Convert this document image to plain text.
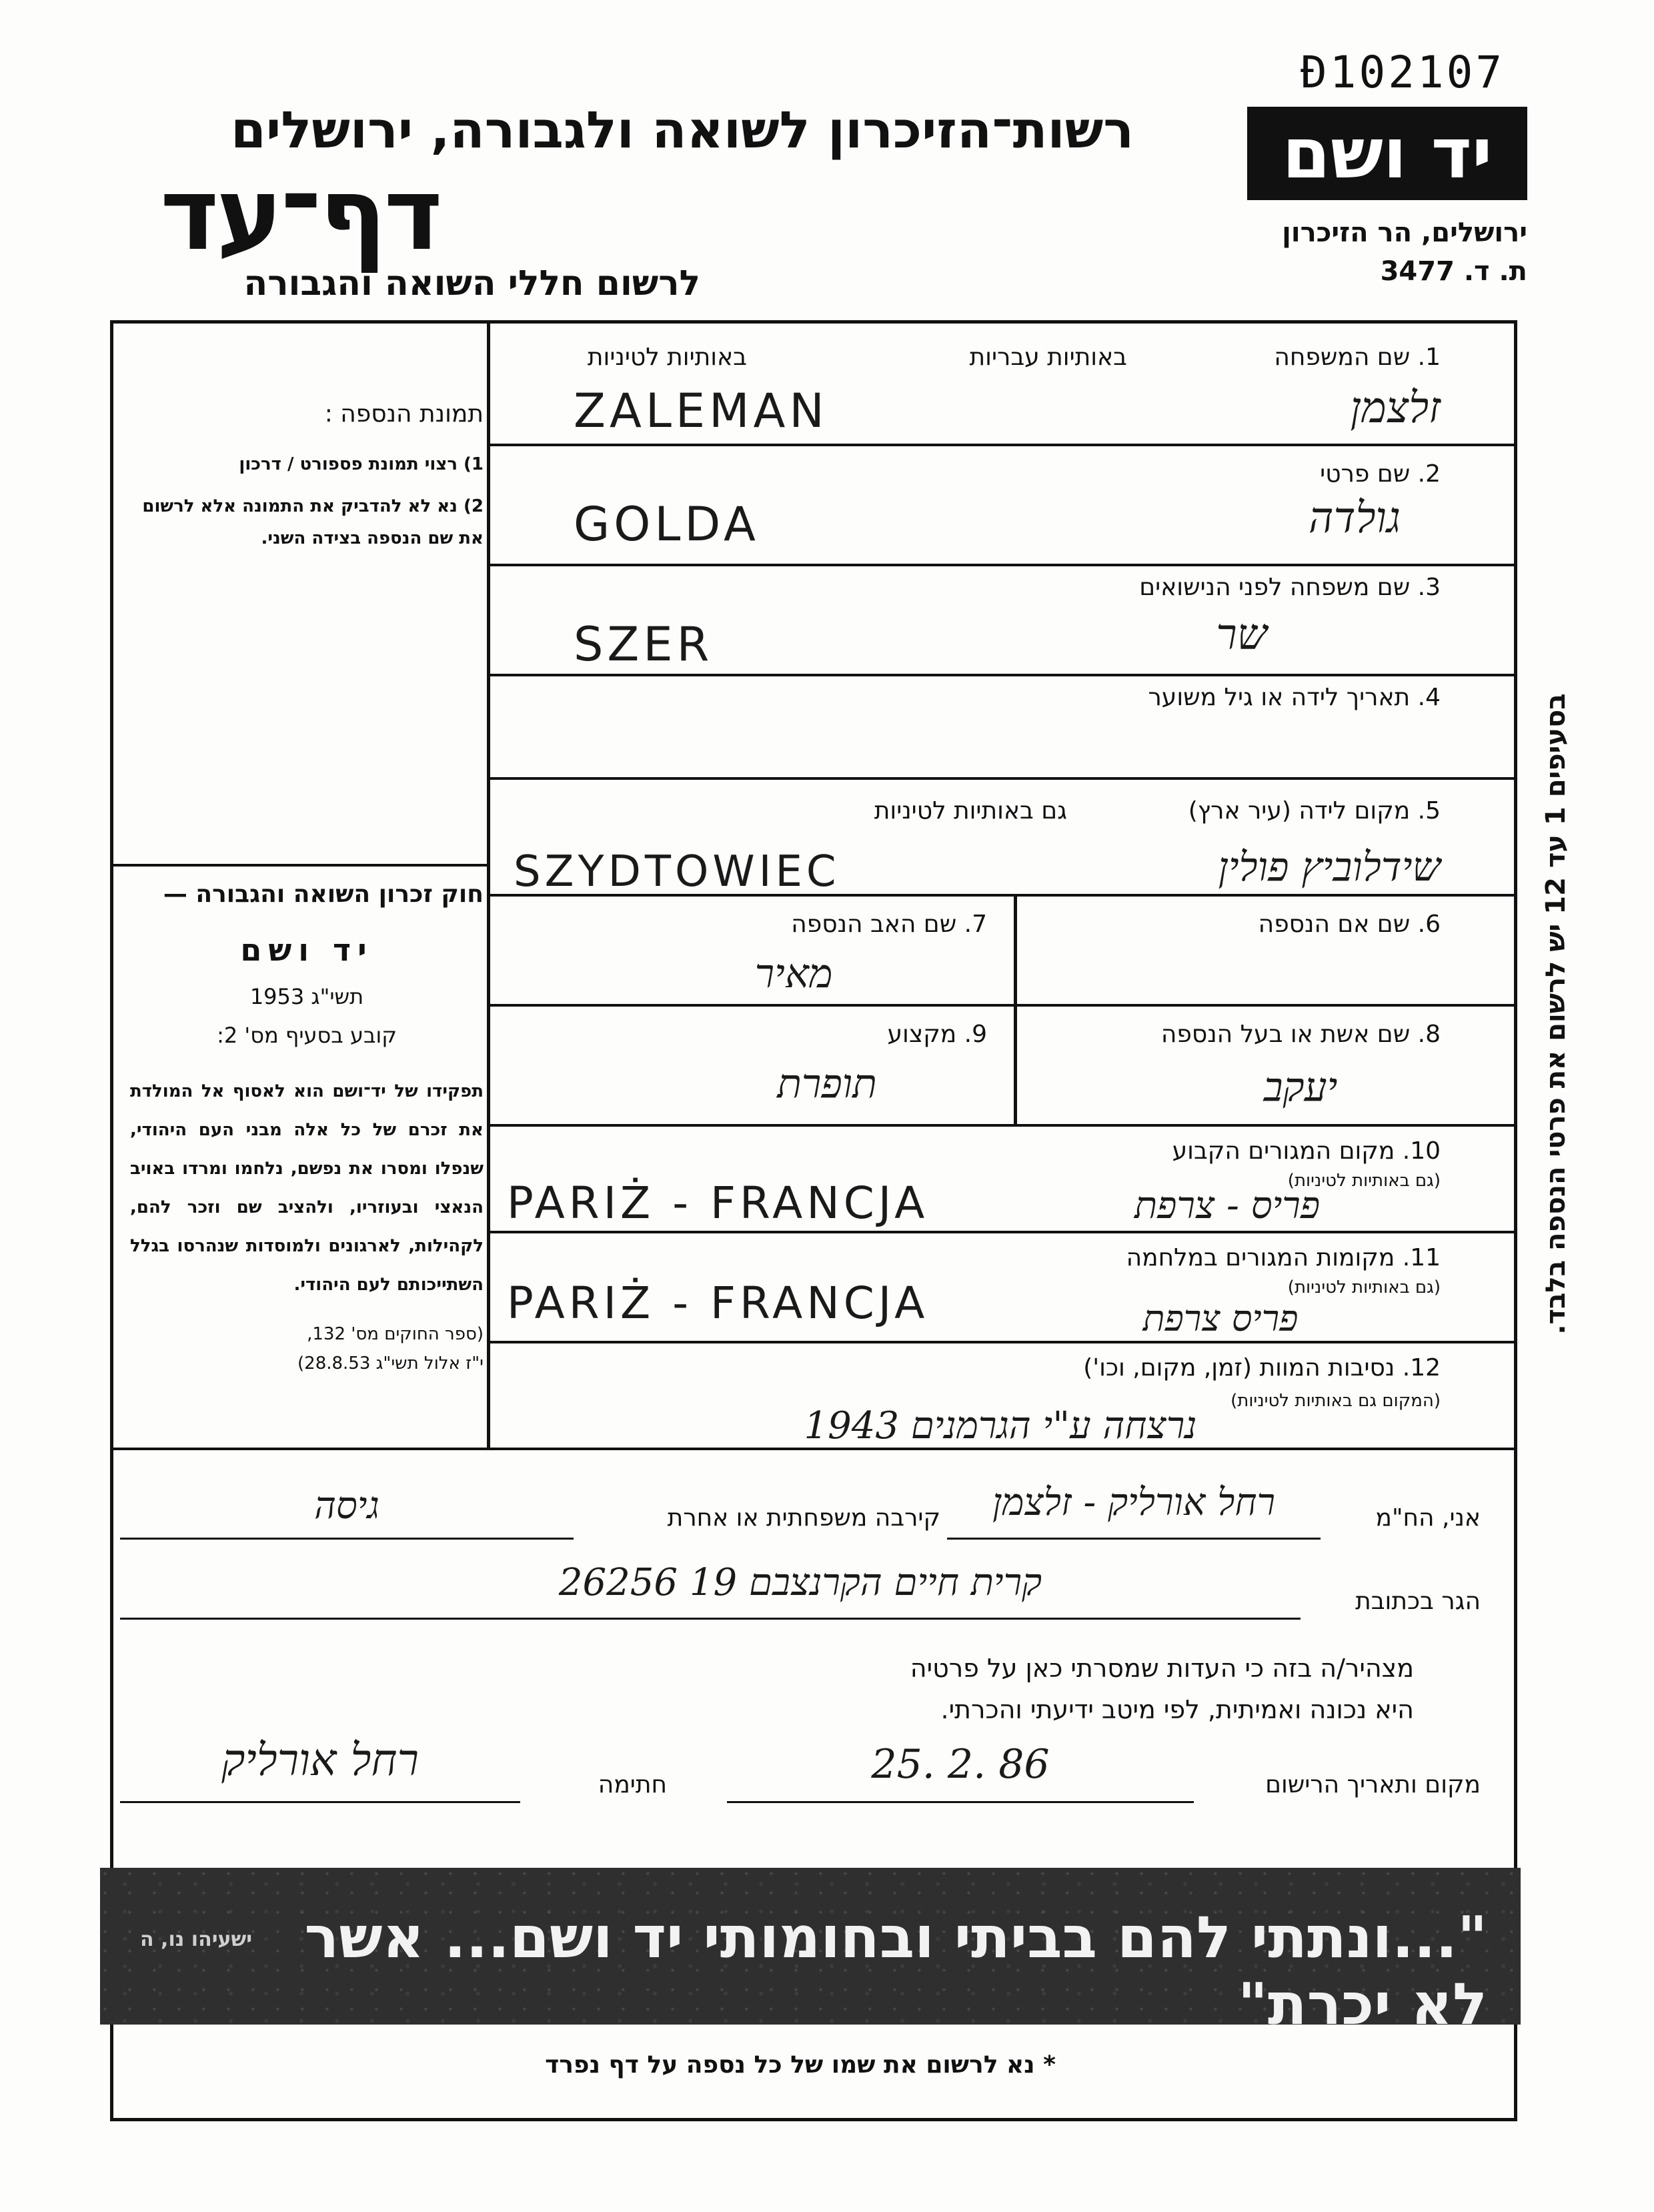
Đ102107
יד ושם
ירושלים, הר הזיכרון
ת. ד. 3477
רשות־הזיכרון לשואה ולגבורה, ירושלים
דף־עד
לרשום חללי השואה והגבורה
תמונת הנספה :
1) רצוי תמונת פספורט / דרכון
2) נא לא להדביק את התמונה אלא לרשום את שם הנספה בצידה השני.
חוק זכרון השואה והגבורה —
יד ושם
תשי"ג 1953
קובע בסעיף מס' 2:
תפקידו של יד־ושם הוא לאסוף אל המולדת את זכרם של כל אלה מבני העם היהודי, שנפלו ומסרו את נפשם, נלחמו ומרדו באויב הנאצי ובעוזריו, ולהציב שם וזכר להם, לקהילות, לארגונים ולמוסדות שנהרסו בגלל השתייכותם לעם היהודי.
(ספר החוקים מס' 132,
י"ז אלול תשי"ג 28.8.53)
1. שם המשפחה
באותיות עבריות
באותיות לטיניות
זלצמן
ZALEMAN
2. שם פרטי
גולדה
GOLDA
3. שם משפחה לפני הנישואים
שר
SZER
4. תאריך לידה או גיל משוער
5. מקום לידה (עיר ארץ)
גם באותיות לטיניות
שידלוביץ פולין
SZYDTOWIEC
6. שם אם הנספה
7. שם האב הנספה
מאיר
8. שם אשת או בעל הנספה
9. מקצוע
יעקב
תופרת
10. מקום המגורים הקבוע
(גם באותיות לטיניות)
פריס - צרפת
PARIŻ - FRANCJA
11. מקומות המגורים במלחמה
(גם באותיות לטיניות)
פריס צרפת
PARIŻ - FRANCJA
12. נסיבות המוות (זמן, מקום, וכו')
(המקום גם באותיות לטיניות)
נרצחה ע"י הגרמנים 1943
בסעיפים 1 עד 12 יש לרשום את פרטי הנספה בלבד.
אני, הח"מ
רחל אורליק - זלצמן
קירבה משפחתית או אחרת
גיסה
הגר בכתובת
קרית חיים הקרנצבם 19 26256
מצהיר/ה בזה כי העדות שמסרתי כאן על פרטיה
היא נכונה ואמיתית, לפי מיטב ידיעתי והכרתי.
מקום ותאריך הרישום
25. 2. 86
חתימה
רחל אורליק
"...ונתתי להם בביתי ובחומותי יד ושם... אשר לא יכרת"
ישעיהו נו, ה
* נא לרשום את שמו של כל נספה על דף נפרד
